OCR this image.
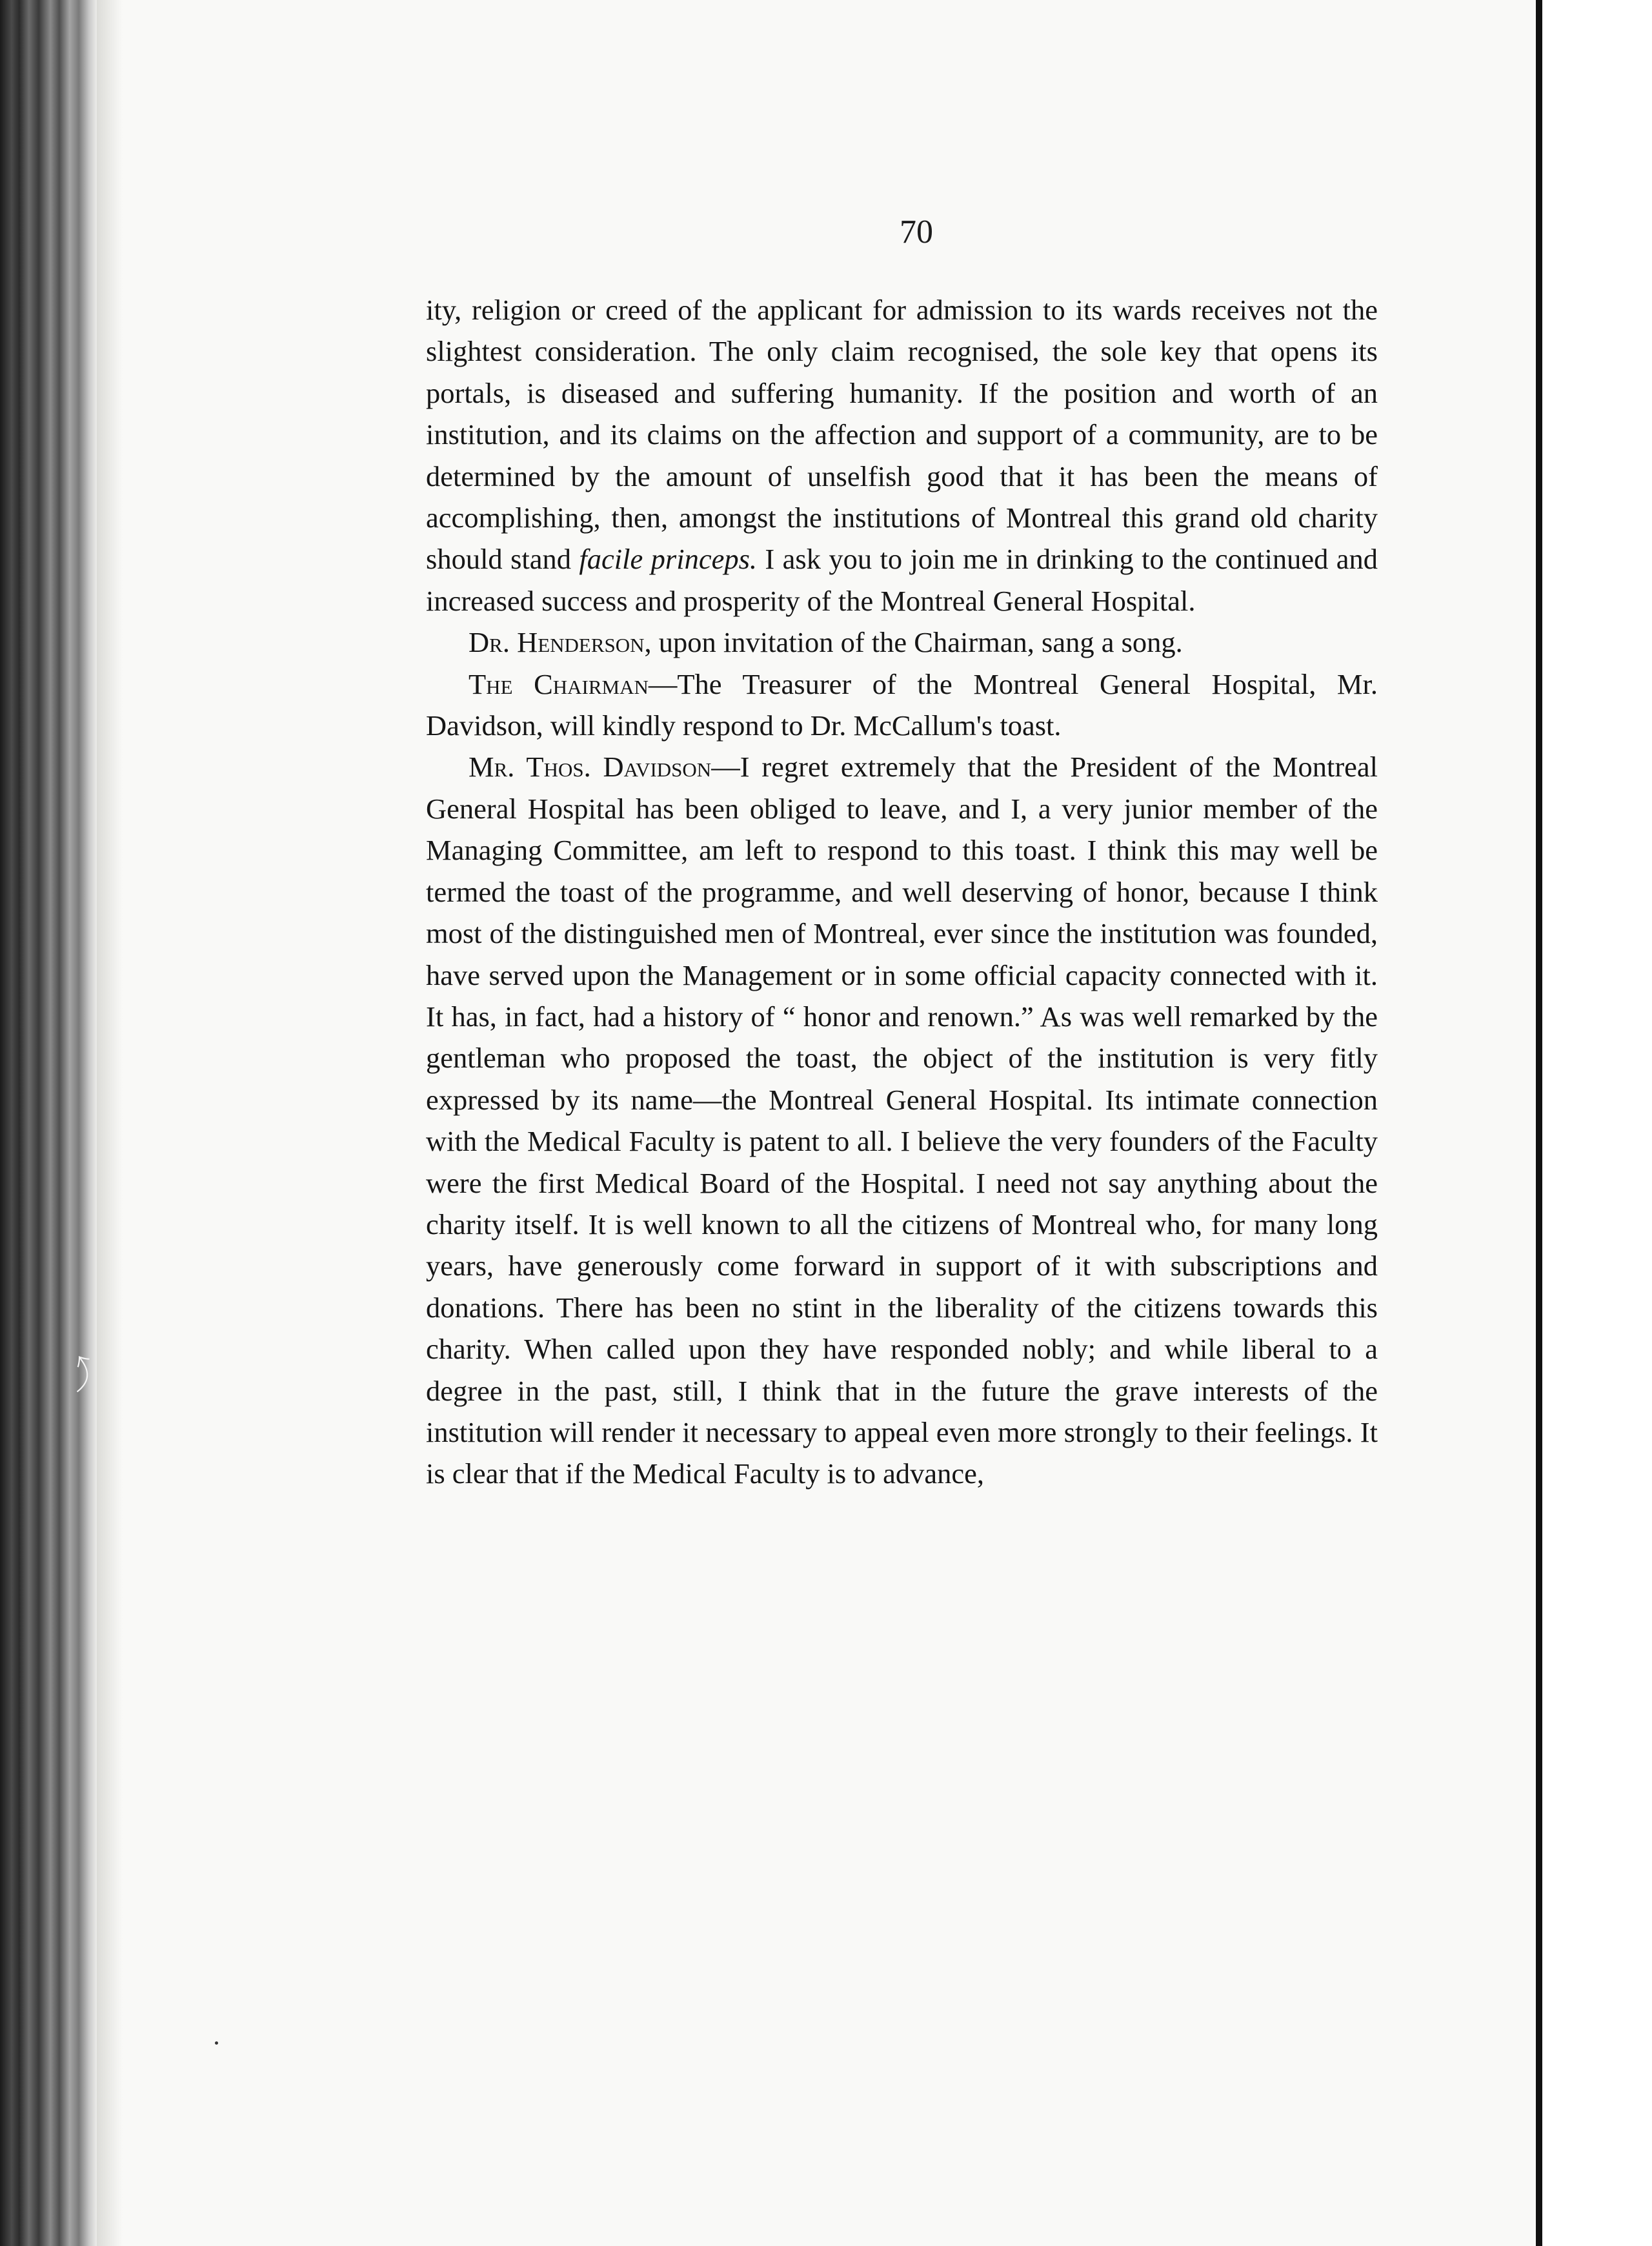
⤴
70

ity, religion or creed of the applicant for admission to its wards receives not the slightest consideration. The only claim recognised, the sole key that opens its portals, is diseased and suffering humanity. If the position and worth of an institution, and its claims on the affection and support of a community, are to be determined by the amount of unselfish good that it has been the means of accomplishing, then, amongst the institutions of Montreal this grand old charity should stand facile princeps. I ask you to join me in drinking to the continued and increased success and prosperity of the Montreal General Hospital.

Dr. Henderson, upon invitation of the Chairman, sang a song.

The Chairman—The Treasurer of the Montreal General Hospital, Mr. Davidson, will kindly respond to Dr. McCallum's toast.

Mr. Thos. Davidson—I regret extremely that the President of the Montreal General Hospital has been obliged to leave, and I, a very junior member of the Managing Committee, am left to respond to this toast. I think this may well be termed the toast of the programme, and well deserving of honor, because I think most of the distinguished men of Montreal, ever since the institution was founded, have served upon the Management or in some official capacity connected with it. It has, in fact, had a history of “ honor and renown.” As was well remarked by the gentleman who proposed the toast, the object of the institution is very fitly expressed by its name—the Montreal General Hospital. Its intimate connection with the Medical Faculty is patent to all. I believe the very founders of the Faculty were the first Medical Board of the Hospital. I need not say anything about the charity itself. It is well known to all the citizens of Montreal who, for many long years, have generously come forward in support of it with subscriptions and donations. There has been no stint in the liberality of the citizens towards this charity. When called upon they have responded nobly; and while liberal to a degree in the past, still, I think that in the future the grave interests of the institution will render it necessary to appeal even more strongly to their feelings. It is clear that if the Medical Faculty is to advance,
